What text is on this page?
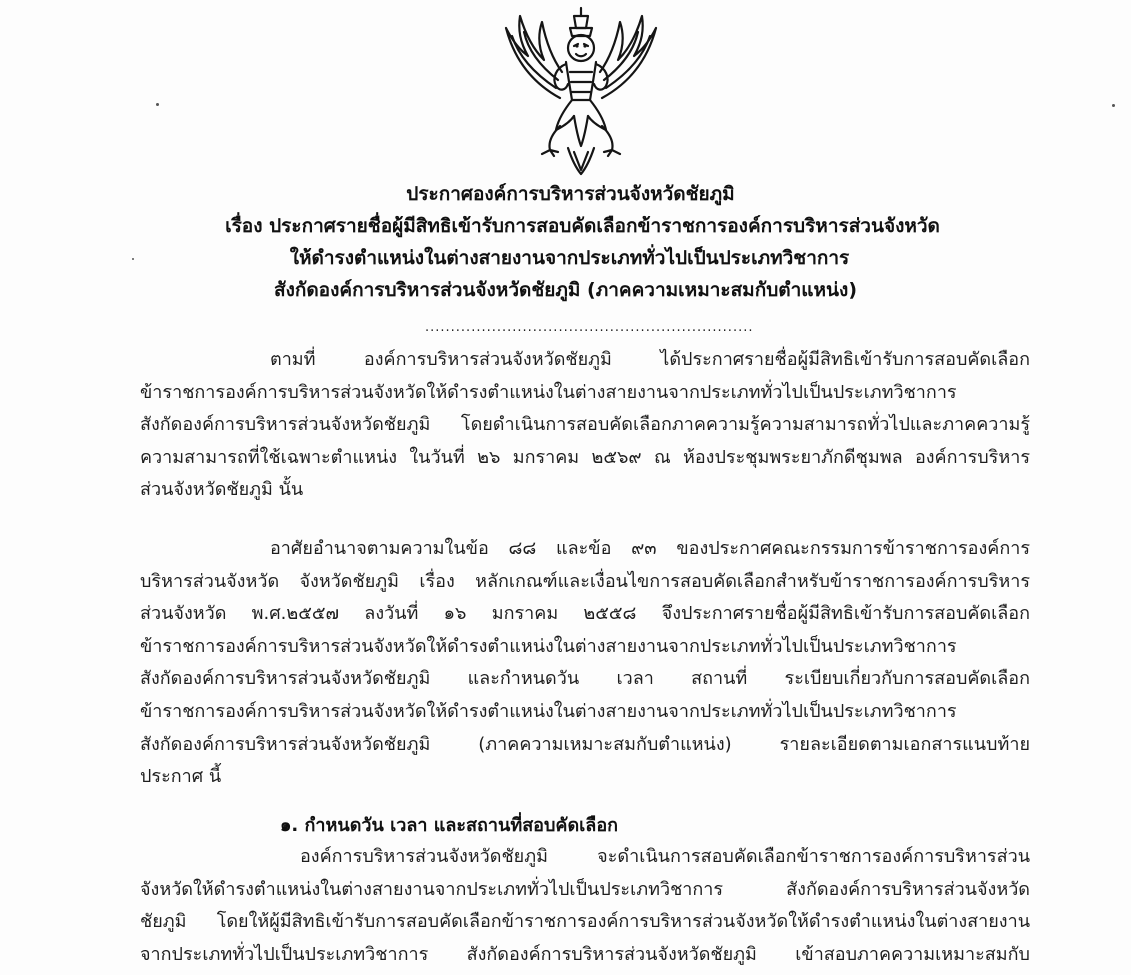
ประกาศองค์การบริหารส่วนจังหวัดชัยภูมิ
เรื่อง ประกาศรายชื่อผู้มีสิทธิเข้ารับการสอบคัดเลือกข้าราชการองค์การบริหารส่วนจังหวัด
ให้ดำรงตำแหน่งในต่างสายงานจากประเภททั่วไปเป็นประเภทวิชาการ
สังกัดองค์การบริหารส่วนจังหวัดชัยภูมิ (ภาคความเหมาะสมกับตำแหน่ง)
................................................................
ตามที่ องค์การบริหารส่วนจังหวัดชัยภูมิ ได้ประกาศรายชื่อผู้มีสิทธิเข้ารับการสอบคัดเลือก
ข้าราชการองค์การบริหารส่วนจังหวัดให้ดำรงตำแหน่งในต่างสายงานจากประเภททั่วไปเป็นประเภทวิชาการ
สังกัดองค์การบริหารส่วนจังหวัดชัยภูมิ โดยดำเนินการสอบคัดเลือกภาคความรู้ความสามารถทั่วไปและภาคความรู้
ความสามารถที่ใช้เฉพาะตำแหน่ง ในวันที่ ๒๖ มกราคม ๒๕๖๙ ณ ห้องประชุมพระยาภักดีชุมพล องค์การบริหาร
ส่วนจังหวัดชัยภูมิ นั้น
อาศัยอำนาจตามความในข้อ ๘๘ และข้อ ๙๓ ของประกาศคณะกรรมการข้าราชการองค์การ
บริหารส่วนจังหวัด จังหวัดชัยภูมิ เรื่อง หลักเกณฑ์และเงื่อนไขการสอบคัดเลือกสำหรับข้าราชการองค์การบริหาร
ส่วนจังหวัด พ.ศ.๒๕๕๗ ลงวันที่ ๑๖ มกราคม ๒๕๕๘ จึงประกาศรายชื่อผู้มีสิทธิเข้ารับการสอบคัดเลือก
ข้าราชการองค์การบริหารส่วนจังหวัดให้ดำรงตำแหน่งในต่างสายงานจากประเภททั่วไปเป็นประเภทวิชาการ
สังกัดองค์การบริหารส่วนจังหวัดชัยภูมิ และกำหนดวัน เวลา สถานที่ ระเบียบเกี่ยวกับการสอบคัดเลือก
ข้าราชการองค์การบริหารส่วนจังหวัดให้ดำรงตำแหน่งในต่างสายงานจากประเภททั่วไปเป็นประเภทวิชาการ
สังกัดองค์การบริหารส่วนจังหวัดชัยภูมิ (ภาคความเหมาะสมกับตำแหน่ง) รายละเอียดตามเอกสารแนบท้าย
ประกาศ นี้
๑. กำหนดวัน เวลา และสถานที่สอบคัดเลือก
องค์การบริหารส่วนจังหวัดชัยภูมิ จะดำเนินการสอบคัดเลือกข้าราชการองค์การบริหารส่วน
จังหวัดให้ดำรงตำแหน่งในต่างสายงานจากประเภททั่วไปเป็นประเภทวิชาการ สังกัดองค์การบริหารส่วนจังหวัด
ชัยภูมิ โดยให้ผู้มีสิทธิเข้ารับการสอบคัดเลือกข้าราชการองค์การบริหารส่วนจังหวัดให้ดำรงตำแหน่งในต่างสายงาน
จากประเภททั่วไปเป็นประเภทวิชาการ สังกัดองค์การบริหารส่วนจังหวัดชัยภูมิ เข้าสอบภาคความเหมาะสมกับ
